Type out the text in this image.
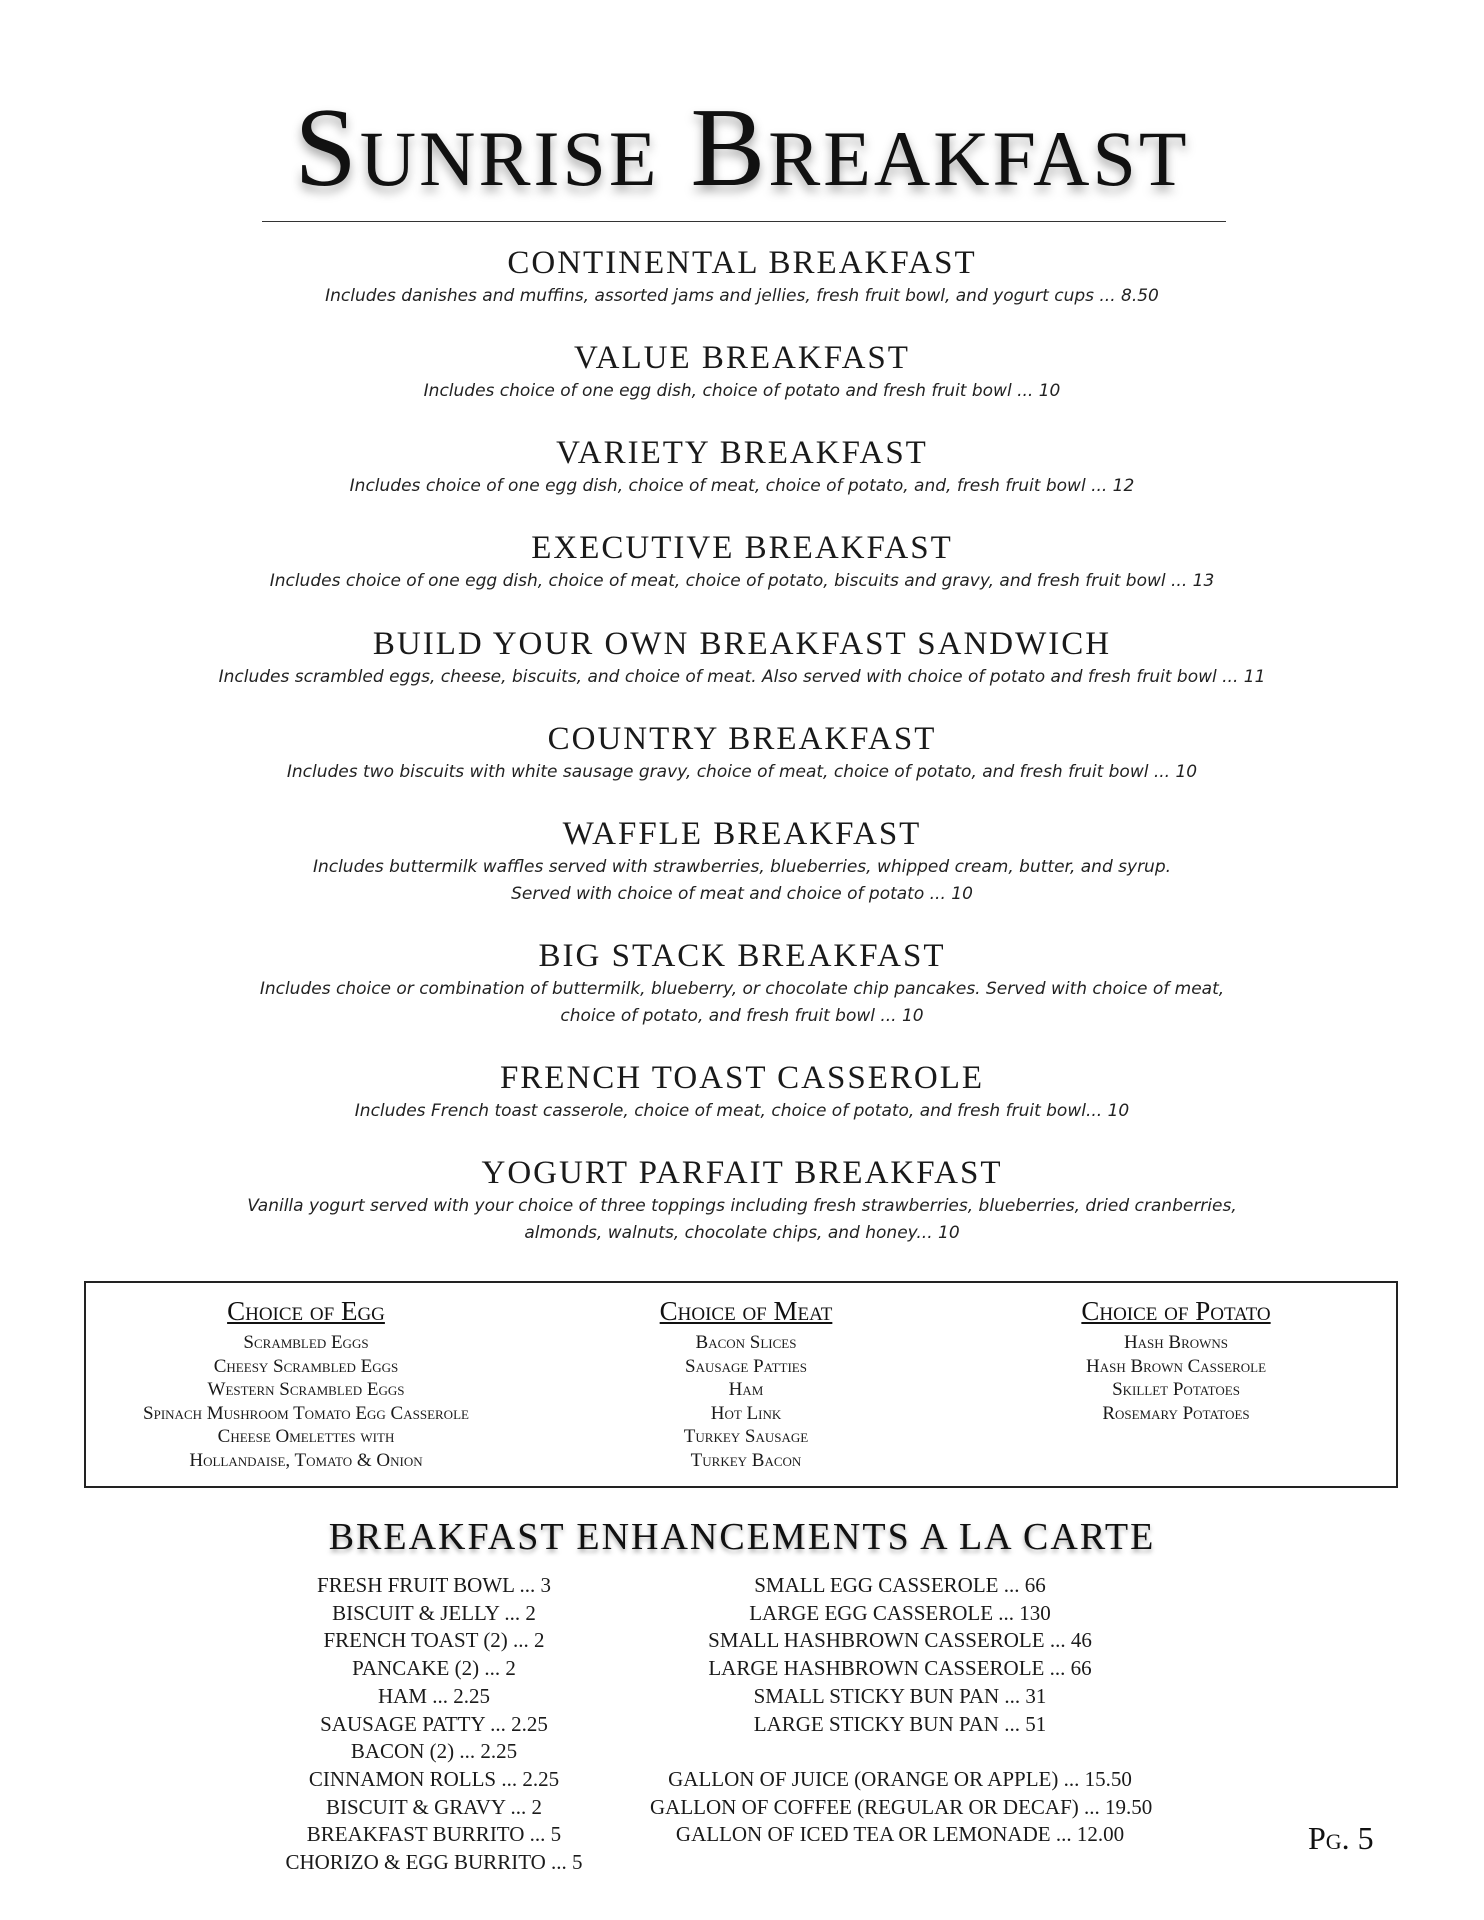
Sunrise Breakfast
CONTINENTAL BREAKFAST
Includes danishes and muffins, assorted jams and jellies, fresh fruit bowl, and yogurt cups ... 8.50
VALUE BREAKFAST
Includes choice of one egg dish, choice of potato and fresh fruit bowl ... 10
VARIETY BREAKFAST
Includes choice of one egg dish, choice of meat, choice of potato, and, fresh fruit bowl ... 12
EXECUTIVE BREAKFAST
Includes choice of one egg dish, choice of meat, choice of potato, biscuits and gravy, and fresh fruit bowl ... 13
BUILD YOUR OWN BREAKFAST SANDWICH
Includes scrambled eggs, cheese, biscuits, and choice of meat. Also served with choice of potato and fresh fruit bowl ... 11
COUNTRY BREAKFAST
Includes two biscuits with white sausage gravy, choice of meat, choice of potato, and fresh fruit bowl ... 10
WAFFLE BREAKFAST
Includes buttermilk waffles served with strawberries, blueberries, whipped cream, butter, and syrup.
Served with choice of meat and choice of potato ... 10
BIG STACK BREAKFAST
Includes choice or combination of buttermilk, blueberry, or chocolate chip pancakes. Served with choice of meat,
choice of potato, and fresh fruit bowl ... 10
FRENCH TOAST CASSEROLE
Includes French toast casserole, choice of meat, choice of potato, and fresh fruit bowl... 10
YOGURT PARFAIT BREAKFAST
Vanilla yogurt served with your choice of three toppings including fresh strawberries, blueberries, dried cranberries,
almonds, walnuts, chocolate chips, and honey... 10
Choice of Egg
Scrambled Eggs
Cheesy Scrambled Eggs
Western Scrambled Eggs
Spinach Mushroom Tomato Egg Casserole
Cheese Omelettes with
Hollandaise, Tomato & Onion
Choice of Meat
Bacon Slices
Sausage Patties
Ham
Hot Link
Turkey Sausage
Turkey Bacon
Choice of Potato
Hash Browns
Hash Brown Casserole
Skillet Potatoes
Rosemary Potatoes
BREAKFAST ENHANCEMENTS A LA CARTE
FRESH FRUIT BOWL ... 3
BISCUIT & JELLY ... 2
FRENCH TOAST (2) ... 2
PANCAKE (2) ... 2
HAM ... 2.25
SAUSAGE PATTY ... 2.25
BACON (2) ... 2.25
CINNAMON ROLLS ... 2.25
BISCUIT & GRAVY ... 2
BREAKFAST BURRITO ... 5
CHORIZO & EGG BURRITO ... 5
SMALL EGG CASSEROLE ... 66
LARGE EGG CASSEROLE ... 130
SMALL HASHBROWN CASSEROLE ... 46
LARGE HASHBROWN CASSEROLE ... 66
SMALL STICKY BUN PAN ... 31
LARGE STICKY BUN PAN ... 51
GALLON OF JUICE (ORANGE OR APPLE) ... 15.50
GALLON OF COFFEE (REGULAR OR DECAF) ... 19.50
GALLON OF ICED TEA OR LEMONADE ... 12.00	Pg. 5
